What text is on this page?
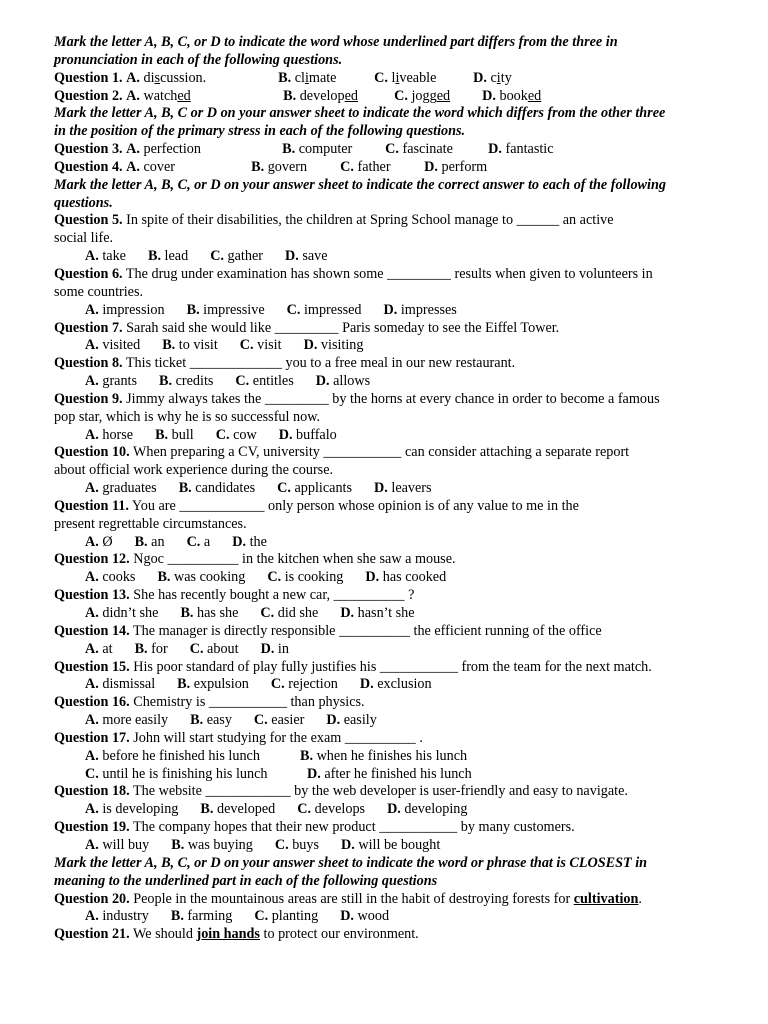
Mark the letter A, B, C, or D to indicate the word whose underlined part differs from the three in
pronunciation in each of the following questions.
Question 1. A. discussion.	B. climate	C. liveable	D. city
Question 2. A. watched	B. developed	C. jogged D. booked
Mark the letter A, B, C or D on your answer sheet to indicate the word which differs from the other three
in the position of the primary stress in each of the following questions.
Question 3. A. perfection	B. computer C. fascinate D. fantastic
Question 4. A. cover	B. govern C. father D. perform
Mark the letter A, B, C, or D on your answer sheet to indicate the correct answer to each of the following
questions.
Question 5. In spite of their disabilities, the children at Spring School manage to ______ an active
social life.
A. take B. lead C. gather D. save
Question 6. The drug under examination has shown some _________ results when given to volunteers in
some countries.
A. impression B. impressive C. impressed D. impresses
Question 7. Sarah said she would like _________ Paris someday to see the Eiffel Tower.
A. visited B. to visit C. visit D. visiting
Question 8. This ticket _____________ you to a free meal in our new restaurant.
A. grants B. credits C. entitles D. allows
Question 9. Jimmy always takes the _________ by the horns at every chance in order to become a famous
pop star, which is why he is so successful now.
A. horse B. bull C. cow D. buffalo
Question 10. When preparing a CV, university ___________ can consider attaching a separate report
about official work experience during the course.
A. graduates B. candidates C. applicants D. leavers
Question 11. You are ____________ only person whose opinion is of any value to me in the
present regrettable circumstances.
A. Ø B. an C. a D. the
Question 12. Ngoc __________ in the kitchen when she saw a mouse.
A. cooks B. was cooking C. is cooking D. has cooked
Question 13. She has recently bought a new car, __________ ?
A. didn’t she B. has she C. did she D. hasn’t she
Question 14. The manager is directly responsible __________ the efficient running of the office
A. at B. for C. about D. in
Question 15. His poor standard of play fully justifies his ___________ from the team for the next match.
A. dismissal B. expulsion C. rejection D. exclusion
Question 16. Chemistry is ___________ than physics.
A. more easily B. easy C. easier D. easily
Question 17. John will start studying for the exam __________ .
A. before he finished his lunch	B. when he finishes his lunch
C. until he is finishing his lunch	D. after he finished his lunch
Question 18. The website ____________ by the web developer is user-friendly and easy to navigate.
A. is developing B. developed C. develops D. developing
Question 19. The company hopes that their new product ___________ by many customers.
A. will buy B. was buying C. buys D. will be bought
Mark the letter A, B, C, or D on your answer sheet to indicate the word or phrase that is CLOSEST in
meaning to the underlined part in each of the following questions
Question 20. People in the mountainous areas are still in the habit of destroying forests for cultivation.
A. industry B. farming C. planting D. wood
Question 21. We should join hands to protect our environment.
